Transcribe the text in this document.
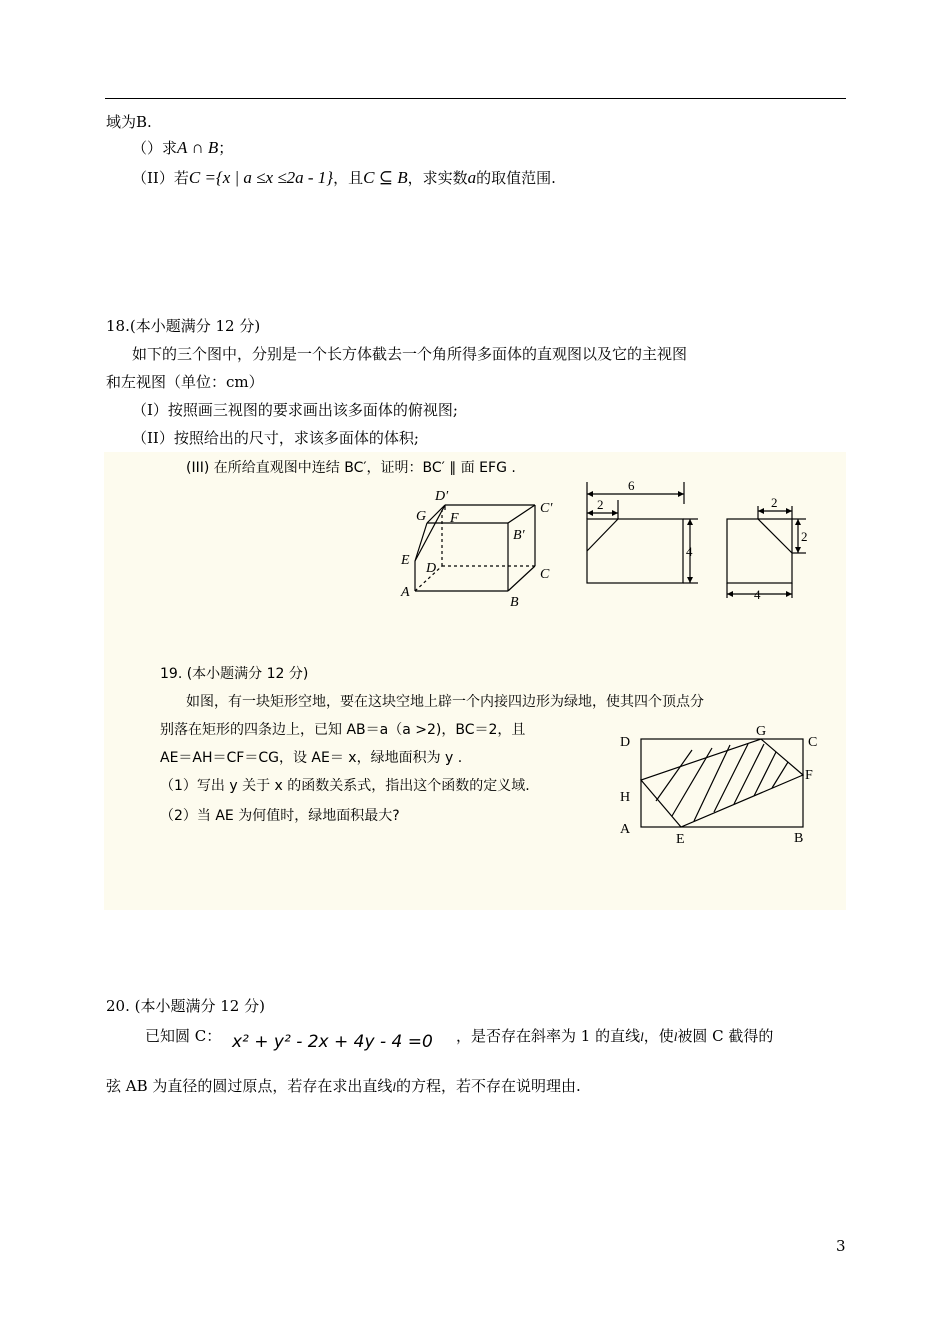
域为B.
（）求A ∩ B；
（II）若C ={x | a ≤x ≤2a - 1}，且C ⊆ B，求实数a的取值范围.
18.(本小题满分 12 分)
如下的三个图中，分别是一个长方体截去一个角所得多面体的直观图以及它的主视图
和左视图（单位：cm）
（I）按照画三视图的要求画出该多面体的俯视图;
（II）按照给出的尺寸，求该多面体的体积;
(III) 在所给直观图中连结 BC′，证明：BC′ ∥ 面 EFG .
D′
C′
G F
B′
E
D	C
A
B
2
6
4
2
2
4
19. (本小题满分 12 分)
如图，有一块矩形空地，要在这块空地上辟一个内接四边形为绿地，使其四个顶点分
别落在矩形的四条边上，已知 AB＝a（a >2)，BC＝2，且
AE＝AH＝CF＝CG，设 AE＝ x，绿地面积为 y .
（1）写出 y 关于 x 的函数关系式，指出这个函数的定义域.
（2）当 AE 为何值时，绿地面积最大?
D
G
C
F
H
A
E	B
20. (本小题满分 12 分)
已知圆 C： x² + y² - 2x + 4y - 4 =0 ，是否存在斜率为 1 的直线l，使l被圆 C 截得的
弦 AB 为直径的圆过原点，若存在求出直线l的方程，若不存在说明理由.
3
